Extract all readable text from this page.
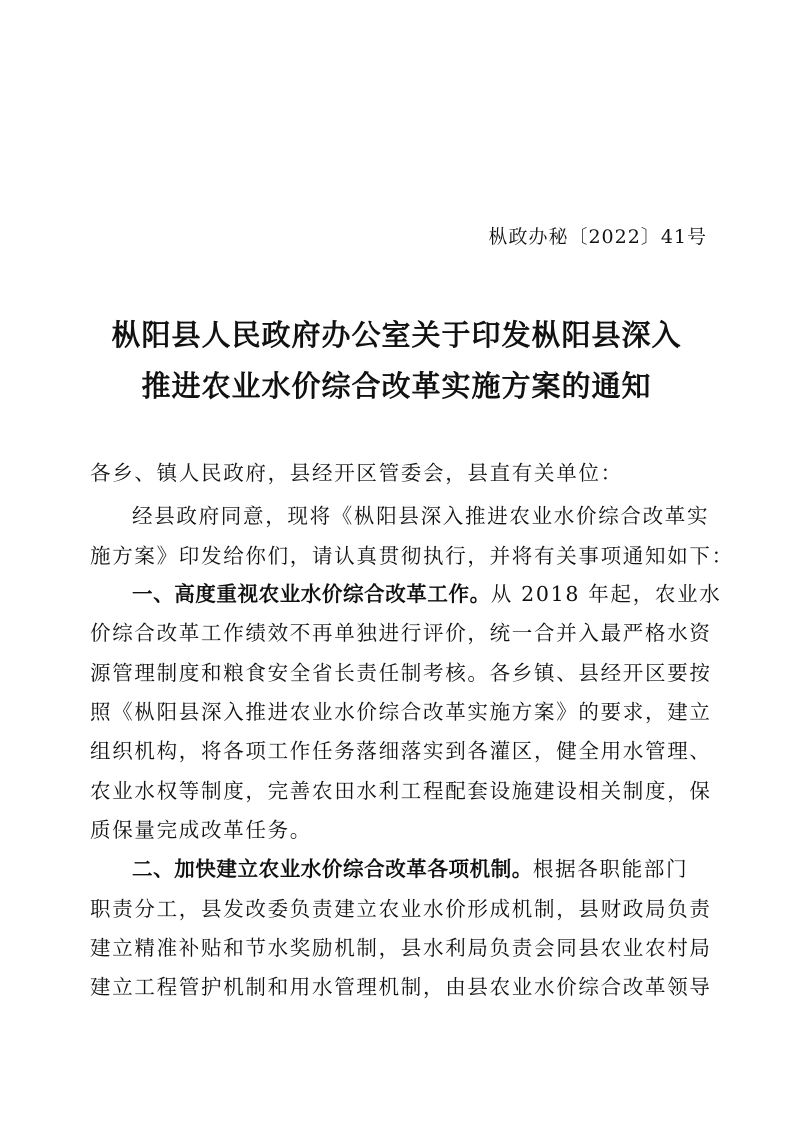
枞政办秘〔2022〕41号
枞阳县人民政府办公室关于印发枞阳县深入
推进农业水价综合改革实施方案的通知
各乡、镇人民政府，县经开区管委会，县直有关单位：
经县政府同意，现将《枞阳县深入推进农业水价综合改革实
施方案》印发给你们，请认真贯彻执行，并将有关事项通知如下：
一、高度重视农业水价综合改革工作。从 2018 年起，农业水
价综合改革工作绩效不再单独进行评价，统一合并入最严格水资
源管理制度和粮食安全省长责任制考核。各乡镇、县经开区要按
照《枞阳县深入推进农业水价综合改革实施方案》的要求，建立
组织机构，将各项工作任务落细落实到各灌区，健全用水管理、
农业水权等制度，完善农田水利工程配套设施建设相关制度，保
质保量完成改革任务。
二、加快建立农业水价综合改革各项机制。根据各职能部门
职责分工，县发改委负责建立农业水价形成机制，县财政局负责
建立精准补贴和节水奖励机制，县水利局负责会同县农业农村局
建立工程管护机制和用水管理机制，由县农业水价综合改革领导
